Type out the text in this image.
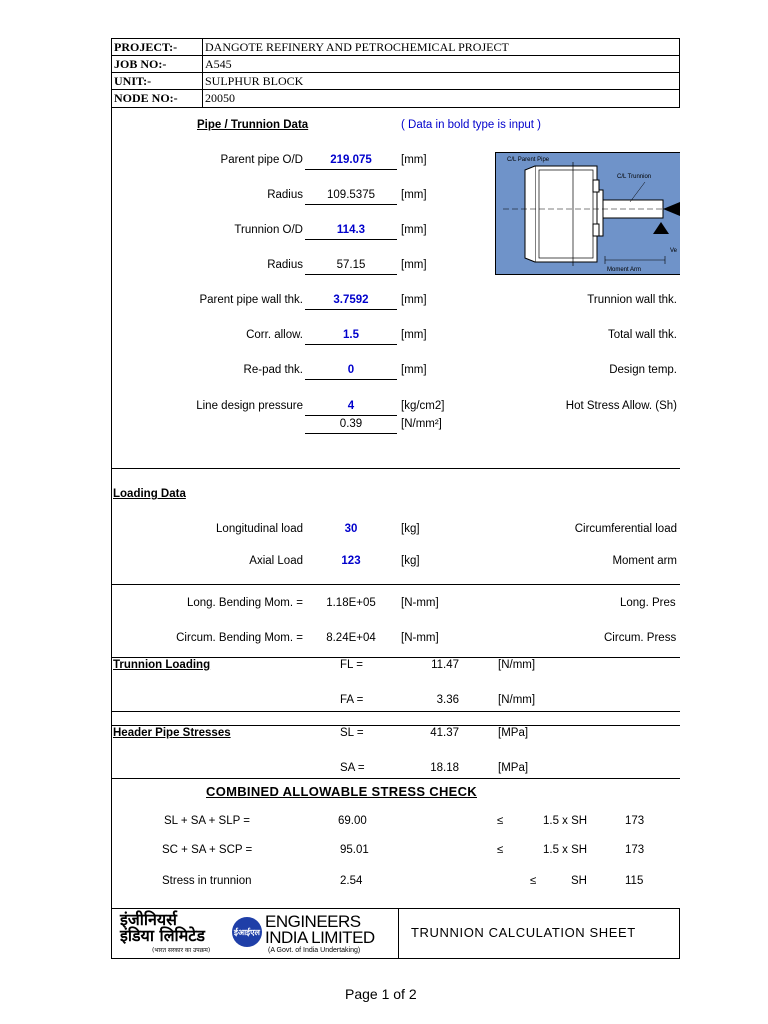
PROJECT:- DANGOTE REFINERY AND PETROCHEMICAL PROJECT
JOB NO:-	A545
UNIT:-	SULPHUR BLOCK
NODE NO:- 20050
Pipe / Trunnion Data	( Data in bold type is input )
Parent pipe O/D	219.075	[mm]
Radius	109.5375	[mm]
Trunnion O/D	114.3	[mm]
Radius	57.15	[mm]
Parent pipe wall thk.	3.7592	[mm]
Corr. allow.	1.5	[mm]
Re-pad thk.	0	[mm]
Line design pressure	4	[kg/cm2]
0.39	[N/mm²]
Trunnion wall thk.
Total wall thk.
Design temp.
Hot Stress Allow. (Sh)
C/L Parent Pipe
C/L Trunnion
Moment Arm
Ve
Loading Data
Longitudinal load	30	[kg]	Circumferential load
Axial Load	123	[kg]	Moment arm
Long. Bending Mom. =	1.18E+05	[N-mm]	Long. Pres
Circum. Bending Mom. =	8.24E+04	[N-mm]	Circum. Press
Trunnion Loading	FL =	11.47	[N/mm]
FA =	3.36	[N/mm]
Header Pipe Stresses	SL =	41.37	[MPa]
SA =	18.18	[MPa]
COMBINED ALLOWABLE STRESS CHECK
SL + SA + SLP =	69.00	≤	1.5 x SH	173
SC + SA + SCP =	95.01	≤	1.5 x SH	173
Stress in trunnion	2.54	≤	SH	115
इंजीनियर्स
इंडिया लिमिटेड
(भारत सरकार का उपक्रम)
ईआईएल
ENGINEERS
INDIA LIMITED
(A Govt. of India Undertaking)
TRUNNION CALCULATION SHEET
Page 1 of 2
